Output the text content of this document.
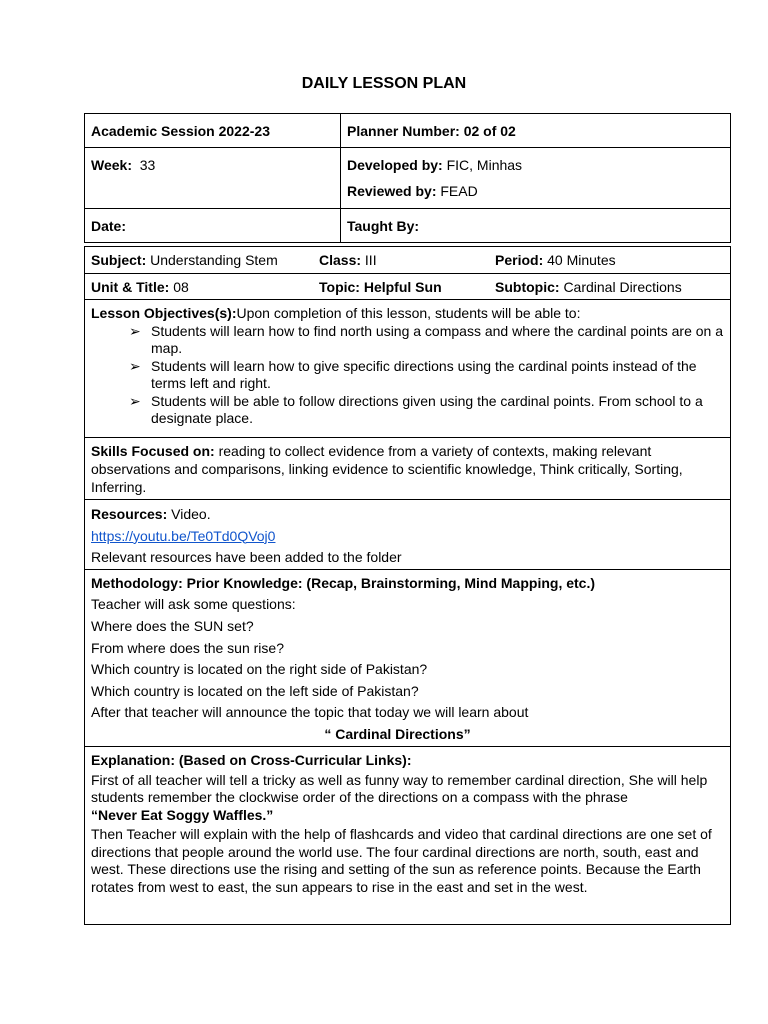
DAILY LESSON PLAN
Academic Session 2022-23	Planner Number: 02 of 02
Week: 33	Developed by: FIC, Minhas
Reviewed by: FEAD

Date:	Taught By:
Subject: Understanding Stem	Class: III	Period: 40 Minutes
Unit & Title: 08	Topic: Helpful Sun	Subtopic: Cardinal Directions

Lesson Objectives(s):Upon completion of this lesson, students will be able to:
➢ Students will learn how to find north using a compass and where the cardinal points are on a map.
➢ Students will learn how to give specific directions using the cardinal points instead of the terms left and right.
➢ Students will be able to follow directions given using the cardinal points. From school to a designate place.

Skills Focused on: reading to collect evidence from a variety of contexts, making relevant observations and comparisons, linking evidence to scientific knowledge, Think critically, Sorting, Inferring.

Resources: Video.
https://youtu.be/Te0Td0QVoj0
Relevant resources have been added to the folder

Methodology: Prior Knowledge: (Recap, Brainstorming, Mind Mapping, etc.)
Teacher will ask some questions:
Where does the SUN set?
From where does the sun rise?
Which country is located on the right side of Pakistan?
Which country is located on the left side of Pakistan?
After that teacher will announce the topic that today we will learn about
“ Cardinal Directions”

Explanation: (Based on Cross-Curricular Links):
First of all teacher will tell a tricky as well as funny way to remember cardinal direction, She will help students remember the clockwise order of the directions on a compass with the phrase
“Never Eat Soggy Waffles.”
Then Teacher will explain with the help of flashcards and video that cardinal directions are one set of directions that people around the world use. The four cardinal directions are north, south, east and west. These directions use the rising and setting of the sun as reference points. Because the Earth rotates from west to east, the sun appears to rise in the east and set in the west.
